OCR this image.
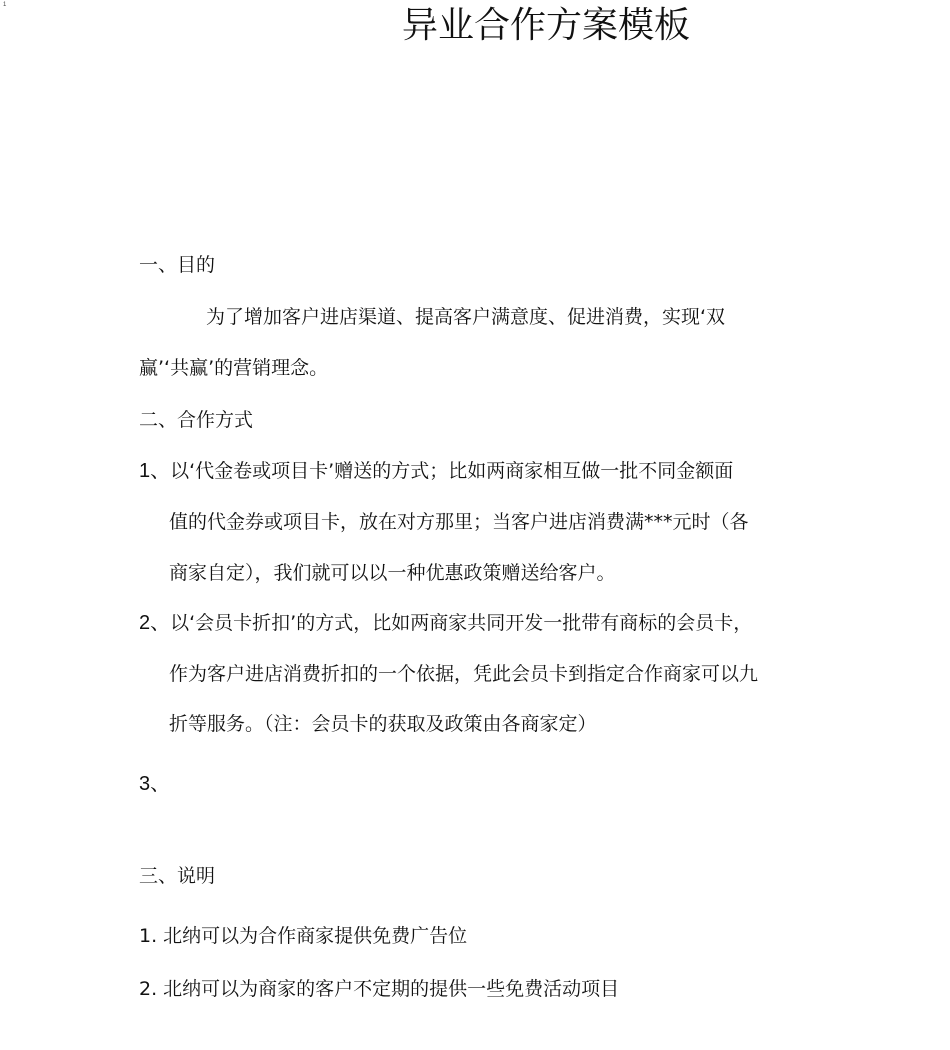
1	异业合作方案模板

一、目的

为了增加客户进店渠道、提高客户满意度、促进消费，实现‘双

赢’‘共赢’的营销理念。

二、合作方式

1、以‘代金卷或项目卡’赠送的方式；比如两商家相互做一批不同金额面

值的代金券或项目卡，放在对方那里；当客户进店消费满***元时（各

商家自定），我们就可以以一种优惠政策赠送给客户。

2、以‘会员卡折扣’的方式，比如两商家共同开发一批带有商标的会员卡，

作为客户进店消费折扣的一个依据，凭此会员卡到指定合作商家可以九

折等服务。（注：会员卡的获取及政策由各商家定）

3、

三、说明

1. 北纳可以为合作商家提供免费广告位

2. 北纳可以为商家的客户不定期的提供一些免费活动项目
